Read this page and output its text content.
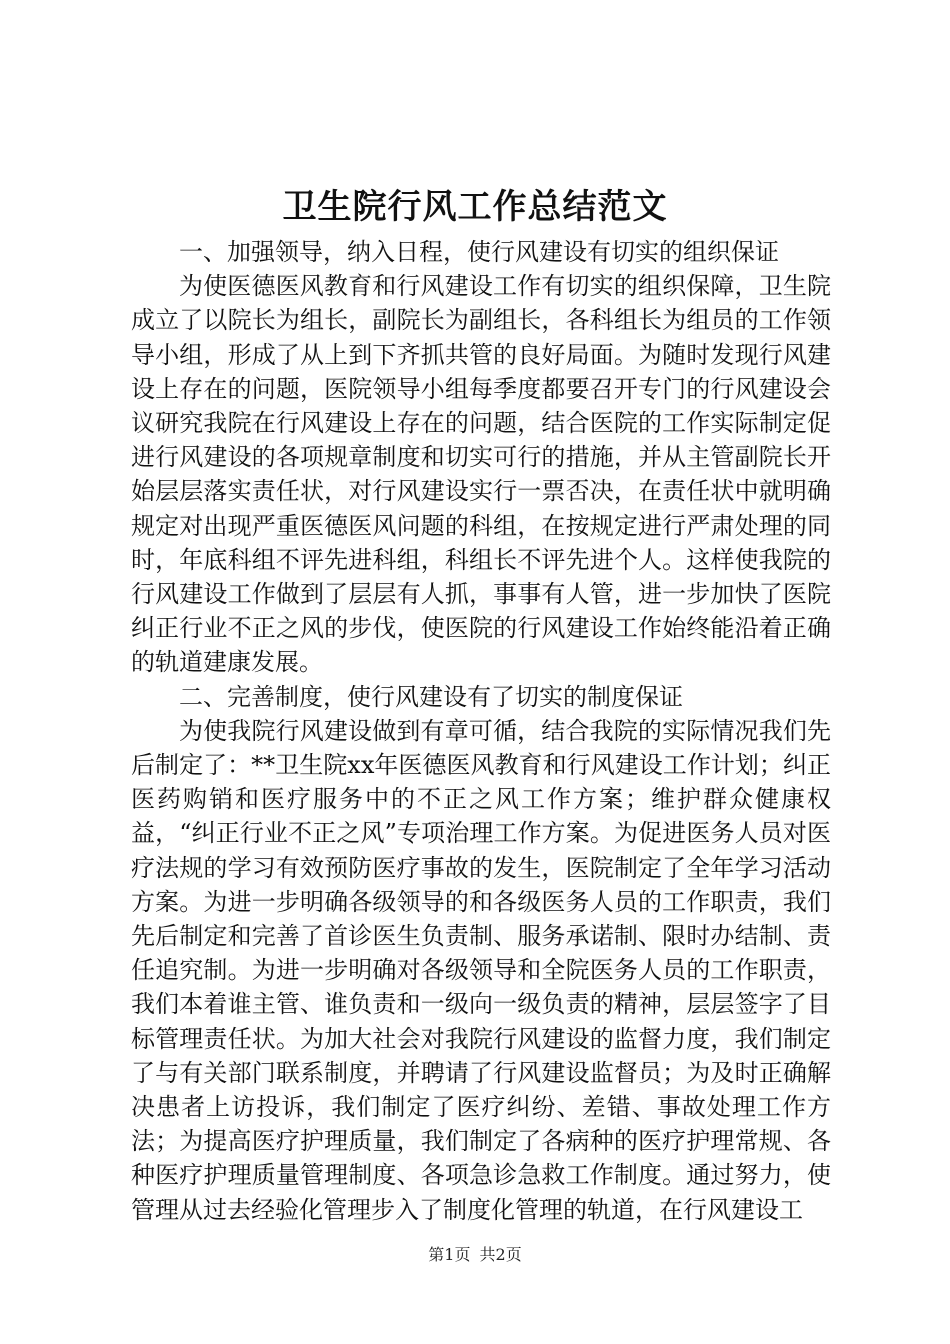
卫生院行风工作总结范文

一、加强领导，纳入日程，使行风建设有切实的组织保证

为使医德医风教育和行风建设工作有切实的组织保障，卫生院成立了以院长为组长，副院长为副组长，各科组长为组员的工作领导小组，形成了从上到下齐抓共管的良好局面。为随时发现行风建设上存在的问题，医院领导小组每季度都要召开专门的行风建设会议研究我院在行风建设上存在的问题，结合医院的工作实际制定促进行风建设的各项规章制度和切实可行的措施，并从主管副院长开始层层落实责任状，对行风建设实行一票否决，在责任状中就明确规定对出现严重医德医风问题的科组，在按规定进行严肃处理的同时，年底科组不评先进科组，科组长不评先进个人。这样使我院的行风建设工作做到了层层有人抓，事事有人管，进一步加快了医院纠正行业不正之风的步伐，使医院的行风建设工作始终能沿着正确的轨道建康发展。

二、完善制度，使行风建设有了切实的制度保证

为使我院行风建设做到有章可循，结合我院的实际情况我们先后制定了：**卫生院xx年医德医风教育和行风建设工作计划；纠正医药购销和医疗服务中的不正之风工作方案；维护群众健康权益，“纠正行业不正之风”专项治理工作方案。为促进医务人员对医疗法规的学习有效预防医疗事故的发生，医院制定了全年学习活动方案。为进一步明确各级领导的和各级医务人员的工作职责，我们先后制定和完善了首诊医生负责制、服务承诺制、限时办结制、责任追究制。为进一步明确对各级领导和全院医务人员的工作职责，我们本着谁主管、谁负责和一级向一级负责的精神，层层签字了目标管理责任状。为加大社会对我院行风建设的监督力度，我们制定了与有关部门联系制度，并聘请了行风建设监督员；为及时正确解决患者上访投诉，我们制定了医疗纠纷、差错、事故处理工作方法；为提高医疗护理质量，我们制定了各病种的医疗护理常规、各种医疗护理质量管理制度、各项急诊急救工作制度。通过努力，使管理从过去经验化管理步入了制度化管理的轨道，在行风建设工

第1页 共2页
